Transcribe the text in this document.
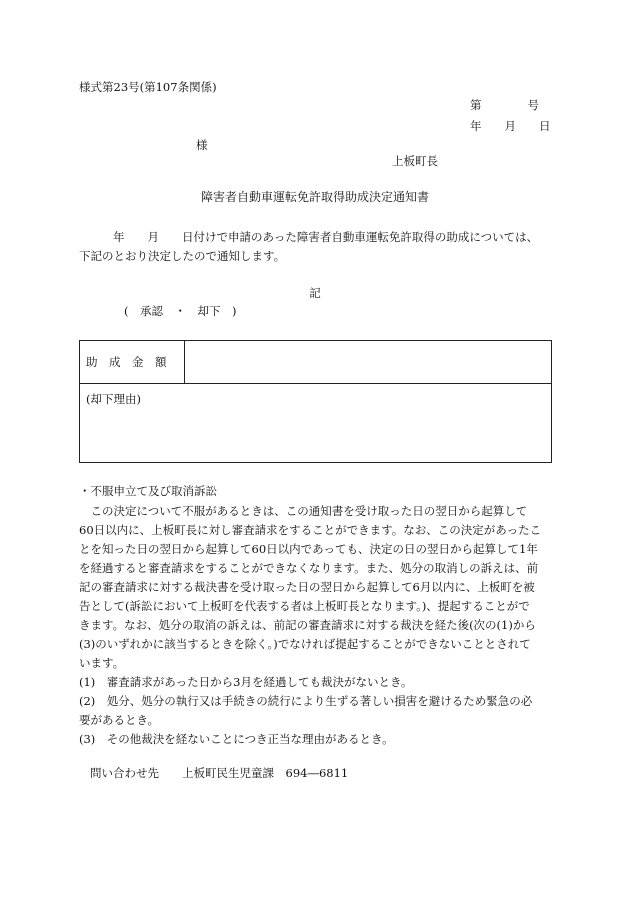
様式第23号(第107条関係)
第　　　　号
年　　月　　日
様
上板町長
障害者自動車運転免許取得助成決定通知書
年　　月　　日付けで申請のあった障害者自動車運転免許取得の助成については、
下記のとおり決定したので通知します。
記
(　承認　・　却下　)
助　成　金　額
(却下理由)
・不服申立て及び取消訴訟
　この決定について不服があるときは、この通知書を受け取った日の翌日から起算して
60日以内に、上板町長に対し審査請求をすることができます。なお、この決定があったこ
とを知った日の翌日から起算して60日以内であっても、決定の日の翌日から起算して1年
を経過すると審査請求をすることができなくなります。また、処分の取消しの訴えは、前
記の審査請求に対する裁決書を受け取った日の翌日から起算して6月以内に、上板町を被
告として(訴訟において上板町を代表する者は上板町長となります。)、提起することがで
きます。なお、処分の取消の訴えは、前記の審査請求に対する裁決を経た後(次の(1)から
(3)のいずれかに該当するときを除く。)でなければ提起することができないこととされて
います。
(1)　審査請求があった日から3月を経過しても裁決がないとき。
(2)　処分、処分の執行又は手続きの続行により生ずる著しい損害を避けるため緊急の必
要があるとき。
(3)　その他裁決を経ないことにつき正当な理由があるとき。
問い合わせ先　　上板町民生児童課　694―6811
